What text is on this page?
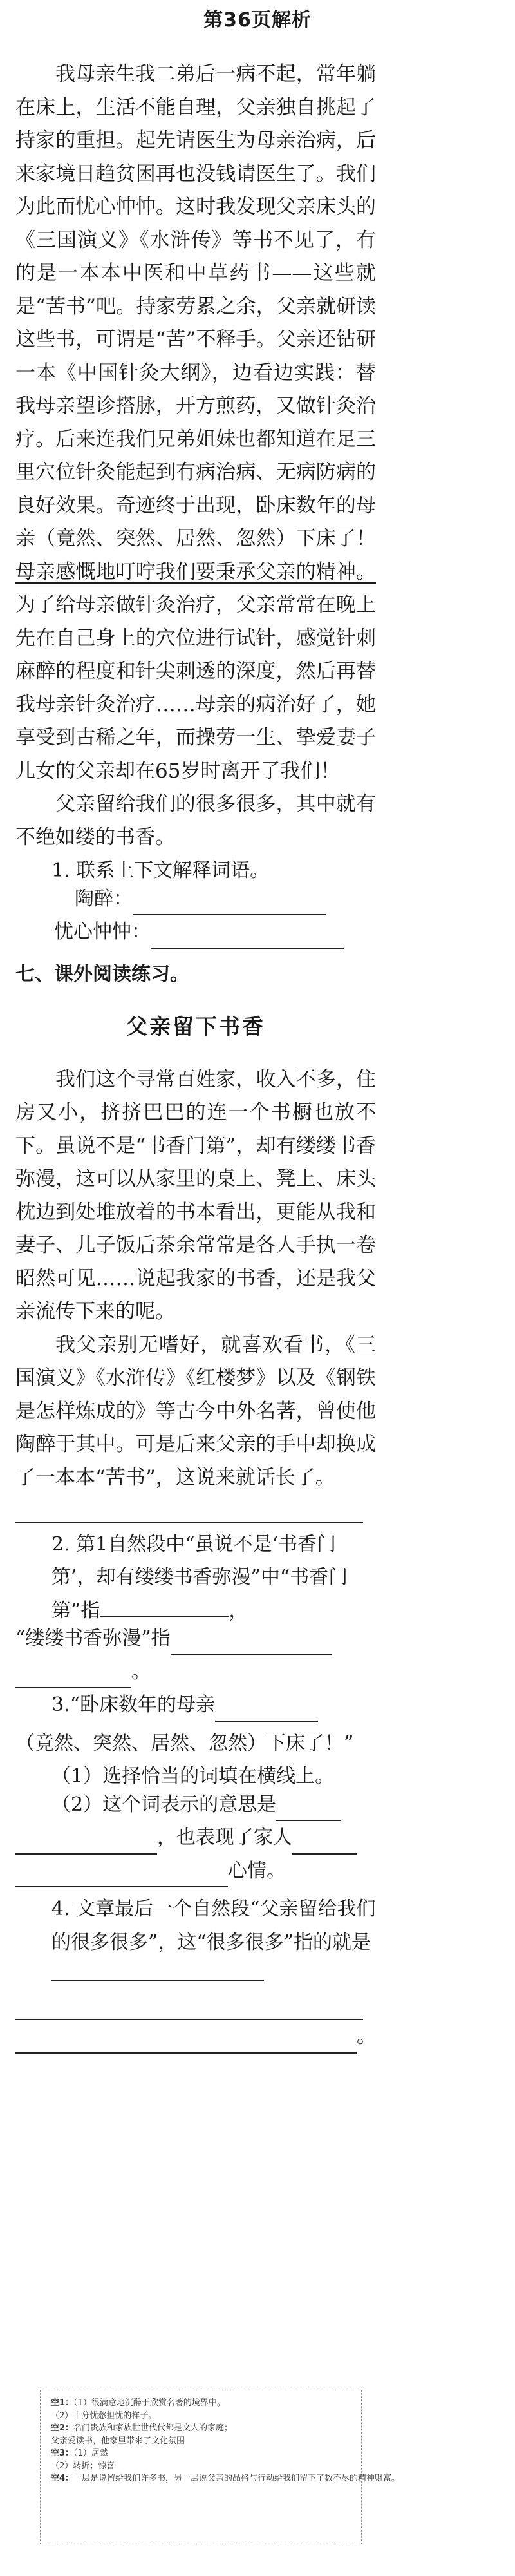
第36页解析

我母亲生我二弟后一病不起，常年躺在床上，生活不能自理，父亲独自挑起了持家的重担。起先请医生为母亲治病，后来家境日趋贫困再也没钱请医生了。我们为此而忧心忡忡。这时我发现父亲床头的《三国演义》《水浒传》等书不见了，有的是一本本中医和中草药书——这些就是“苦书”吧。持家劳累之余，父亲就研读这些书，可谓是“苦”不释手。父亲还钻研一本《中国针灸大纲》，边看边实践：替我母亲望诊搭脉，开方煎药，又做针灸治疗。后来连我们兄弟姐妹也都知道在足三里穴位针灸能起到有病治病、无病防病的良好效果。奇迹终于出现，卧床数年的母亲（竟然、突然、居然、忽然）下床了！母亲感慨地叮咛我们要秉承父亲的精神。为了给母亲做针灸治疗，父亲常常在晚上先在自己身上的穴位进行试针，感觉针刺麻醉的程度和针尖刺透的深度，然后再替我母亲针灸治疗……母亲的病治好了，她享受到古稀之年，而操劳一生、挚爱妻子儿女的父亲却在65岁时离开了我们！

父亲留给我们的很多很多，其中就有不绝如缕的书香。

1. 联系上下文解释词语。

陶醉：
忧心忡忡：
七、课外阅读练习。
父亲留下书香

我们这个寻常百姓家，收入不多，住房又小，挤挤巴巴的连一个书橱也放不下。虽说不是“书香门第”，却有缕缕书香弥漫，这可以从家里的桌上、凳上、床头枕边到处堆放着的书本看出，更能从我和妻子、儿子饭后茶余常常是各人手执一卷昭然可见……说起我家的书香，还是我父亲流传下来的呢。

我父亲别无嗜好，就喜欢看书，《三国演义》《水浒传》《红楼梦》以及《钢铁是怎样炼成的》等古今中外名著，曾使他陶醉于其中。可是后来父亲的手中却换成了一本本“苦书”，这说来就话长了。

2. 第1自然段中“虽说不是‘书香门第’，却有缕缕书香弥漫”中“书香门第”指	，

“缕缕书香弥漫”指
。
3.“卧床数年的母亲

（竟然、突然、居然、忽然）下床了！”

（1）选择恰当的词填在横线上。

（2）这个词表示的意思是
，也表现了家人
心情。

4. 文章最后一个自然段“父亲留给我们的很多很多”，这“很多很多”指的就是

。
空1：（1）很满意地沉醉于欣赏名著的境界中。
（2）十分忧愁担忧的样子。
空2：名门贵族和家族世世代代都是文人的家庭；
父亲爱读书，他家里带来了文化氛围
空3：（1）居然
（2）转折；惊喜
空4：一层是说留给我们许多书，另一层说父亲的品格与行动给我们留下了数不尽的精神财富。
